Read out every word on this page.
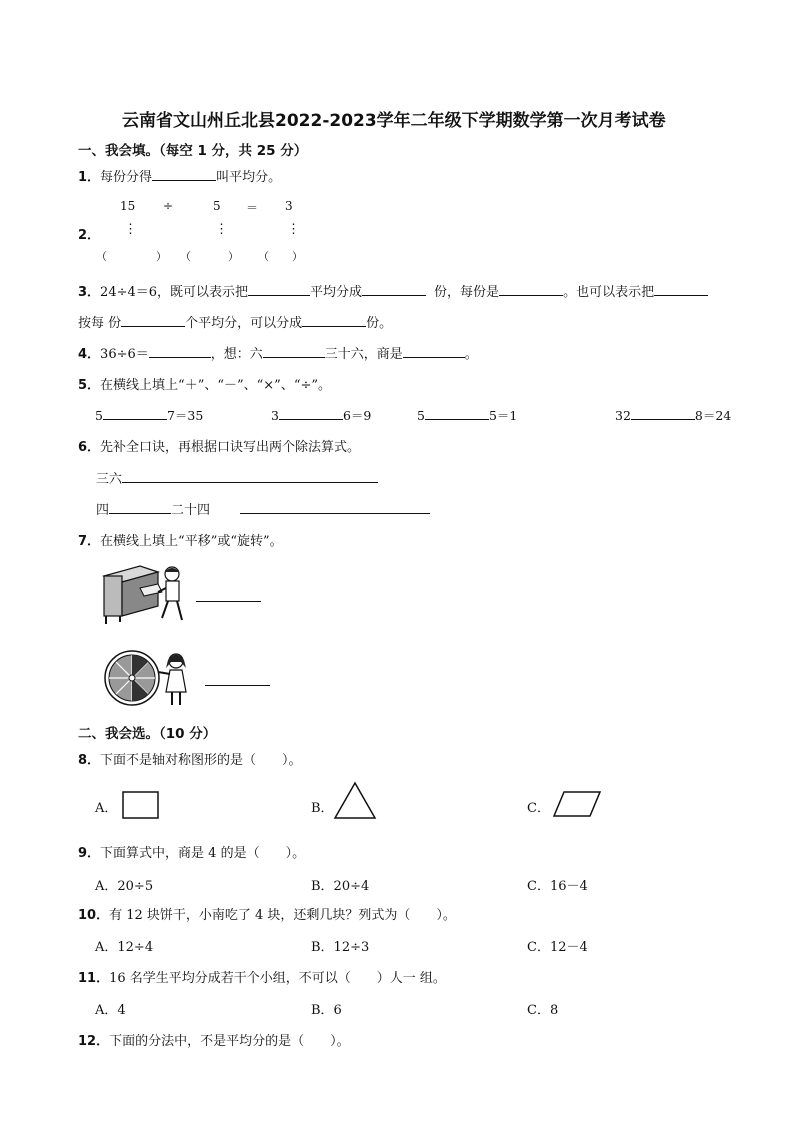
云南省文山州丘北县2022-2023学年二年级下学期数学第一次月考试卷
一、我会填。（每空 1 分，共 25 分）
1． 每份分得	叫平均分。
15 ÷	5 ＝ 3
2． ⋮	⋮	⋮
（	） （	） （ ）
3． 24÷4＝6，既可以表示把	平均分成	份，每份是	。也可以表示把
按每 份	个平均分，可以分成	份。
4． 36÷6＝	，想：六	三十六，商是	。
5． 在横线上填上“＋”、“－”、“×”、“÷”。
5	7＝35	3	6＝9	5	5＝1	32	8＝24
6． 先补全口诀，再根据口诀写出两个除法算式。
三六
四	二十四
7． 在横线上填上“平移”或“旋转”。
二、我会选。（10 分）
8． 下面不是轴对称图形的是（　　）。
A．	B．	C．
9． 下面算式中，商是 4 的是（　　）。
A．20÷5	B．20÷4	C．16－4
10． 有 12 块饼干，小南吃了 4 块，还剩几块？列式为（　　）。
A．12÷4	B．12÷3	C．12－4
11． 16 名学生平均分成若干个小组，不可以（　　）人一 组。
A．4	B．6	C．8
12． 下面的分法中，不是平均分的是（　　）。
